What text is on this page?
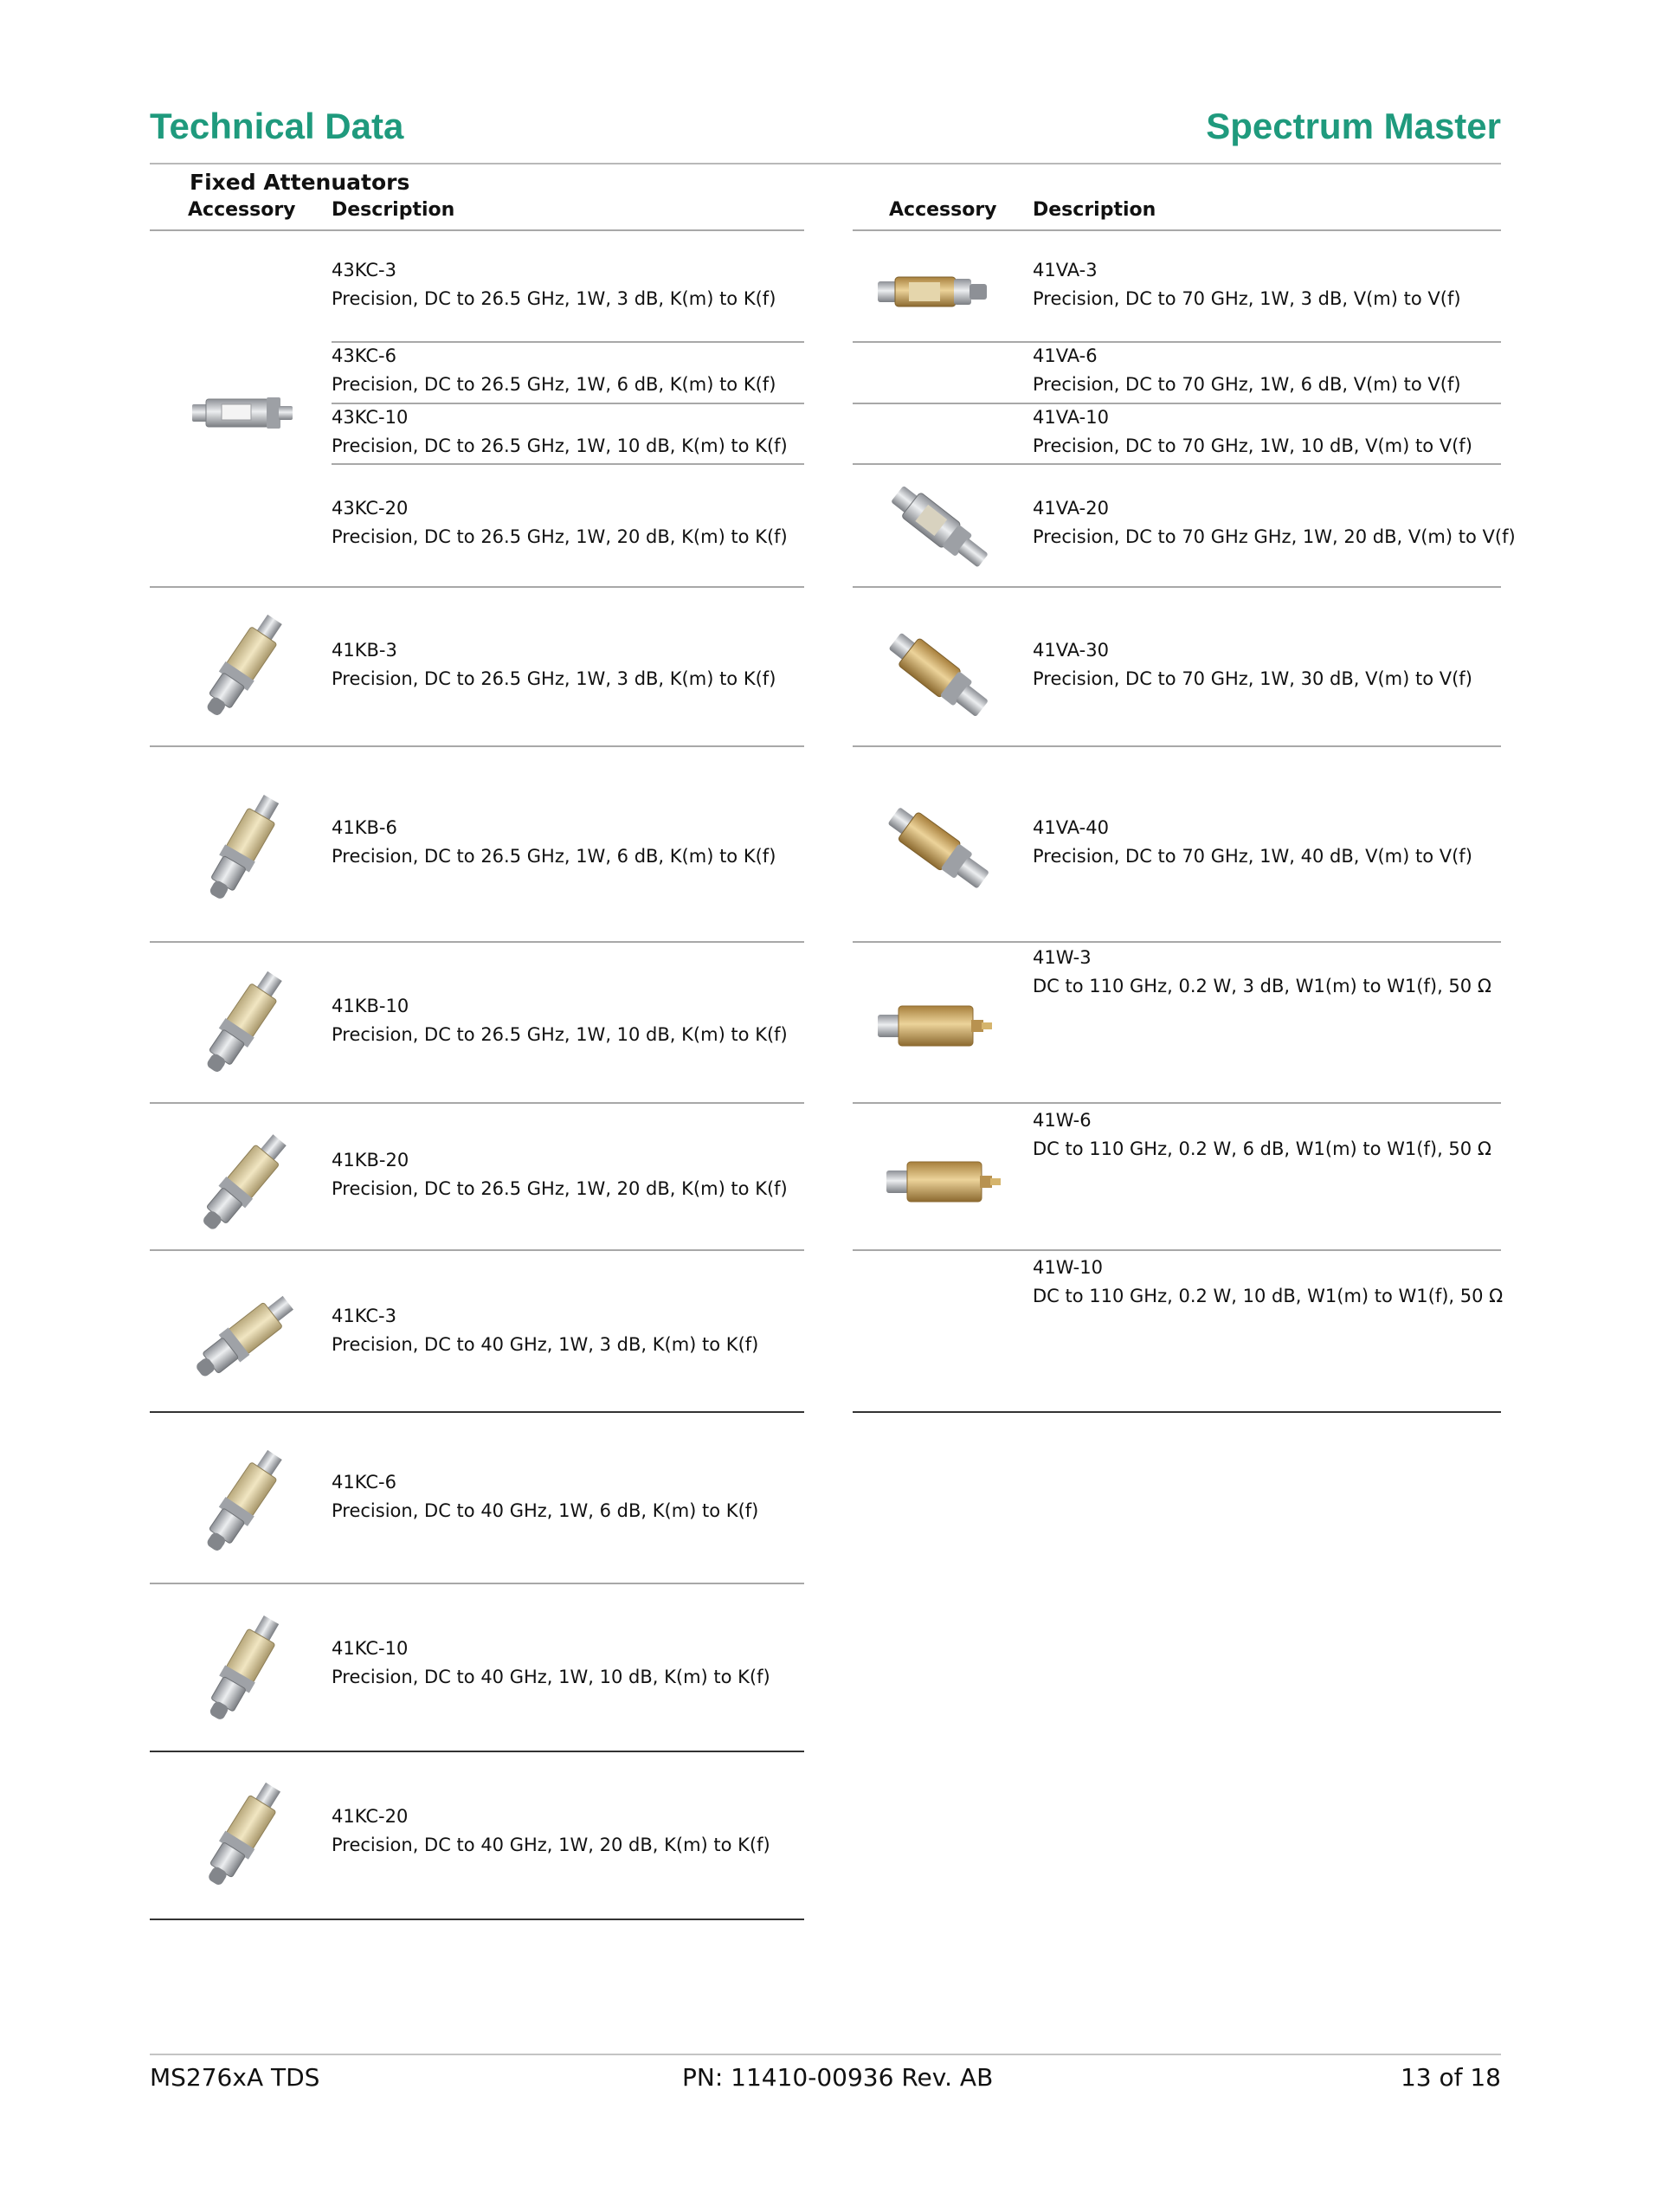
Technical Data	Spectrum Master
Fixed Attenuators
Accessory Description	Accessory Description
43KC-3
Precision, DC to 26.5 GHz, 1W, 3 dB, K(m) to K(f)
43KC-6
Precision, DC to 26.5 GHz, 1W, 6 dB, K(m) to K(f)
43KC-10
Precision, DC to 26.5 GHz, 1W, 10 dB, K(m) to K(f)
43KC-20
Precision, DC to 26.5 GHz, 1W, 20 dB, K(m) to K(f)
41KB-3
Precision, DC to 26.5 GHz, 1W, 3 dB, K(m) to K(f)
41KB-6
Precision, DC to 26.5 GHz, 1W, 6 dB, K(m) to K(f)
41KB-10
Precision, DC to 26.5 GHz, 1W, 10 dB, K(m) to K(f)
41KB-20
Precision, DC to 26.5 GHz, 1W, 20 dB, K(m) to K(f)
41KC-3
Precision, DC to 40 GHz, 1W, 3 dB, K(m) to K(f)
41KC-6
Precision, DC to 40 GHz, 1W, 6 dB, K(m) to K(f)
41KC-10
Precision, DC to 40 GHz, 1W, 10 dB, K(m) to K(f)
41KC-20
Precision, DC to 40 GHz, 1W, 20 dB, K(m) to K(f)
41VA-3
Precision, DC to 70 GHz, 1W, 3 dB, V(m) to V(f)
41VA-6
Precision, DC to 70 GHz, 1W, 6 dB, V(m) to V(f)
41VA-10
Precision, DC to 70 GHz, 1W, 10 dB, V(m) to V(f)
41VA-20
Precision, DC to 70 GHz GHz, 1W, 20 dB, V(m) to V(f)
41VA-30
Precision, DC to 70 GHz, 1W, 30 dB, V(m) to V(f)
41VA-40
Precision, DC to 70 GHz, 1W, 40 dB, V(m) to V(f)
41W-3
DC to 110 GHz, 0.2 W, 3 dB, W1(m) to W1(f), 50 Ω
41W-6
DC to 110 GHz, 0.2 W, 6 dB, W1(m) to W1(f), 50 Ω
41W-10
DC to 110 GHz, 0.2 W, 10 dB, W1(m) to W1(f), 50 Ω
MS276xA TDS	PN: 11410-00936 Rev. AB	13 of 18
